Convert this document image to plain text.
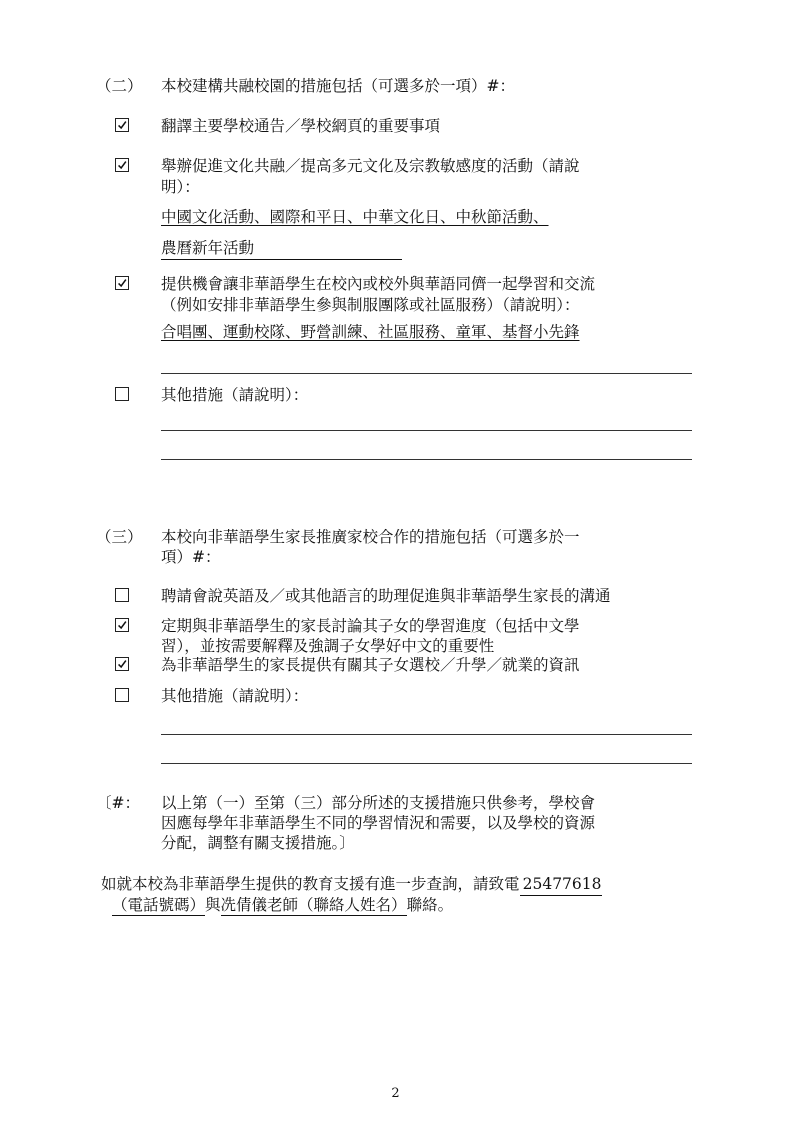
（二） 本校建構共融校園的措施包括（可選多於一項）#：
翻譯主要學校通告／學校網頁的重要事項
舉辦促進文化共融／提高多元文化及宗教敏感度的活動（請說
明）：
中國文化活動、國際和平日、中華文化日、中秋節活動、
農曆新年活動
提供機會讓非華語學生在校內或校外與華語同儕一起學習和交流
（例如安排非華語學生參與制服團隊或社區服務）（請說明）：
合唱團、運動校隊、野營訓練、社區服務、童軍、基督小先鋒
其他措施（請說明）：
（三） 本校向非華語學生家長推廣家校合作的措施包括（可選多於一
項）#：
聘請會說英語及／或其他語言的助理促進與非華語學生家長的溝通
定期與非華語學生的家長討論其子女的學習進度（包括中文學
習），並按需要解釋及強調子女學好中文的重要性
為非華語學生的家長提供有關其子女選校／升學／就業的資訊
其他措施（請說明）：
〔#： 以上第（一）至第（三）部分所述的支援措施只供參考，學校會
因應每學年非華語學生不同的學習情況和需要，以及學校的資源
分配，調整有關支援措施。〕
如就本校為非華語學生提供的教育支援有進一步查詢，請致電 25477618
（電話號碼）與冼倩儀老師（聯絡人姓名）聯絡。
2
